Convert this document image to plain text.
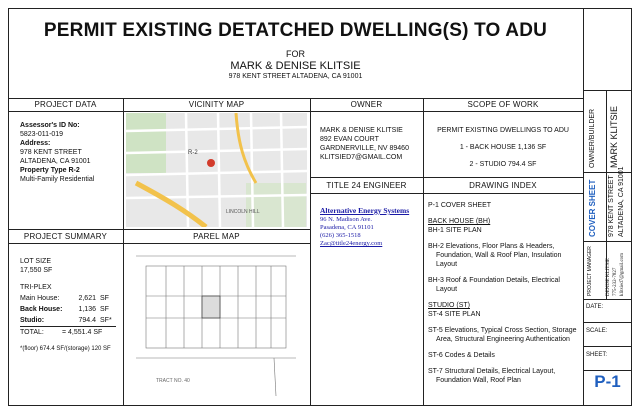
PERMIT EXISTING DETATCHED DWELLING(S) TO ADU
FOR
MARK & DENISE KLITSIE
978 KENT STREET ALTADENA, CA 91001
PROJECT DATA	VICINITY MAP	OWNER	SCOPE OF WORK
TITLE 24 ENGINEER	DRAWING INDEX
PROJECT SUMMARY	PAREL MAP
Assessor's ID No:
5823-011-019
Address:
978 KENT STREET
ALTADENA, CA 91001
Property Type R-2
Multi-Family Residential
R-2
LINCOLN HILL
MARK & DENISE KLITSIE
892 EVAN COURT
GARDNERVILLE, NV 89460
KLITSIED7@GMAIL.COM
PERMIT EXISTING DWELLINGS TO ADU
1 - BACK HOUSE 1,136 SF
2 - STUDIO 794.4 SF
Alternative Energy Systems
96 N. Madison Ave.
Pasadena, CA 91101
(626) 365-1518
Zac@title24energy.com
P-1 COVER SHEET
BACK HOUSE (BH)
BH-1 SITE PLAN
BH-2 Elevations, Floor Plans & Headers, Foundation, Wall & Roof Plan, Insulation Layout
BH-3 Roof & Foundation Details, Electrical Layout
STUDIO (ST)
ST-4 SITE PLAN
ST-5 Elevations, Typical Cross Section, Storage Area, Structural Engineering Authentication
ST-6 Codes & Details
ST-7 Structural Details, Electrical Layout, Foundation Wall, Roof Plan
LOT SIZE
17,550 SF
TRI-PLEX
Main House:	2,621 SF
Back House:	1,136 SF
Studio:	794.4 SF*
TOTAL:	= 4,551.4 SF
*(floor) 674.4 SF/(storage) 120 SF
TRACT NO. 40
OWNER/BUILDER MARK KLITSIE
COVER SHEET 978 KENT STREET ALTADENA, CA 91001
PROJECT MANAGER	DENISE KLITSIE 775-232-7827 klitsied7@gmail.com
DATE:
SCALE:
SHEET:
P-1
